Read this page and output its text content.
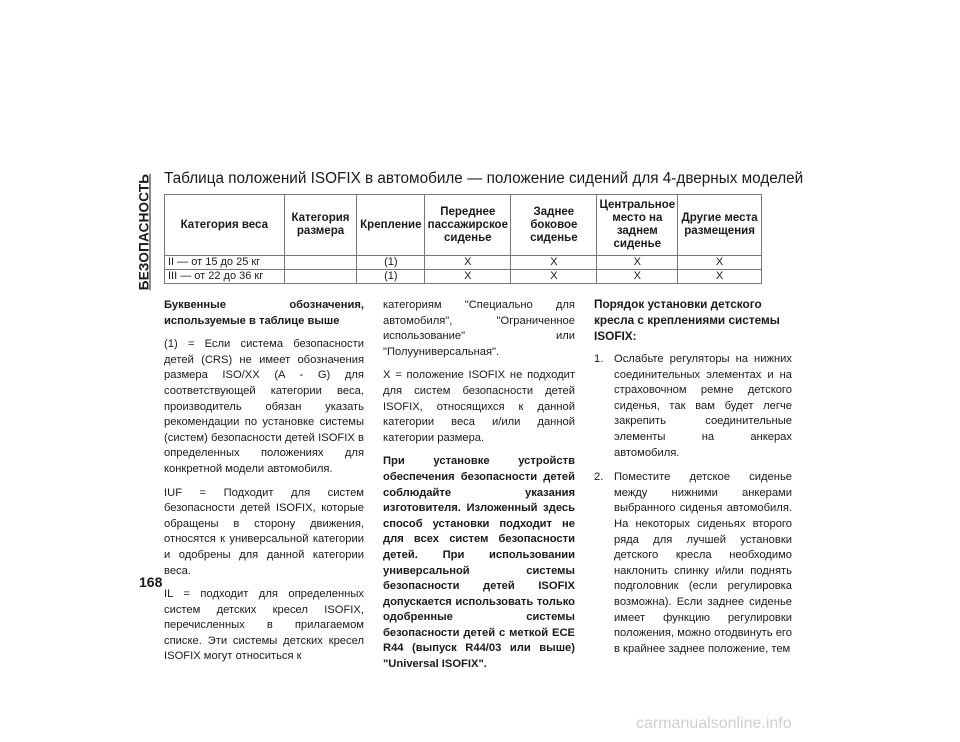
БЕЗОПАСНОСТЬ Таблица положений ISOFIX в автомобиле — положение сидений для 4-дверных моделей
Категория веса	Категория размера	Крепление	Переднее пассажирское сиденье	Заднее боковое сиденье	Центральное место на заднем сиденье	Другие места размещения
II — от 15 до 25 кг		(1)	X	X	X	X
III — от 22 до 36 кг		(1)	X	X	X	X

Буквенные обозначения, используемые в таблице выше

(1) = Если система безопасности детей (CRS) не имеет обозначения размера ISO/XX (A - G) для соответствующей категории веса, производитель обязан указать рекомендации по установке системы (систем) безопасности детей ISOFIX в определенных положениях для конкретной модели автомобиля.

IUF = Подходит для систем безопасности детей ISOFIX, которые обращены в сторону движения, относятся к универсальной категории и одобрены для данной категории веса.

IL = подходит для определенных систем детских кресел ISOFIX, перечисленных в прилагаемом списке. Эти системы детских кресел ISOFIX могут относиться к

категориям "Специально для автомобиля", "Ограниченное использование" или "Полууниверсальная".

X = положение ISOFIX не подходит для систем безопасности детей ISOFIX, относящихся к данной категории веса и/или данной категории размера.

При установке устройств обеспечения безопасности детей соблюдайте указания изготовителя. Изложенный здесь способ установки подходит не для всех систем безопасности детей. При использовании универсальной системы безопасности детей ISOFIX допускается использовать только одобренные системы безопасности детей с меткой ECE R44 (выпуск R44/03 или выше) "Universal ISOFIX".

Порядок установки детского кресла с креплениями системы ISOFIX:

1. Ослабьте регуляторы на нижних соединительных элементах и на страховочном ремне детского сиденья, так вам будет легче закрепить соединительные элементы на анкерах автомобиля.
2. Поместите детское сиденье между нижними анкерами выбранного сиденья автомобиля. На некоторых сиденьях второго ряда для лучшей установки детского кресла необходимо наклонить спинку и/или поднять подголовник (если регулировка возможна). Если заднее сиденье имеет функцию регулировки положения, можно отодвинуть его в крайнее заднее положение, тем
168
carmanualsonline.info
